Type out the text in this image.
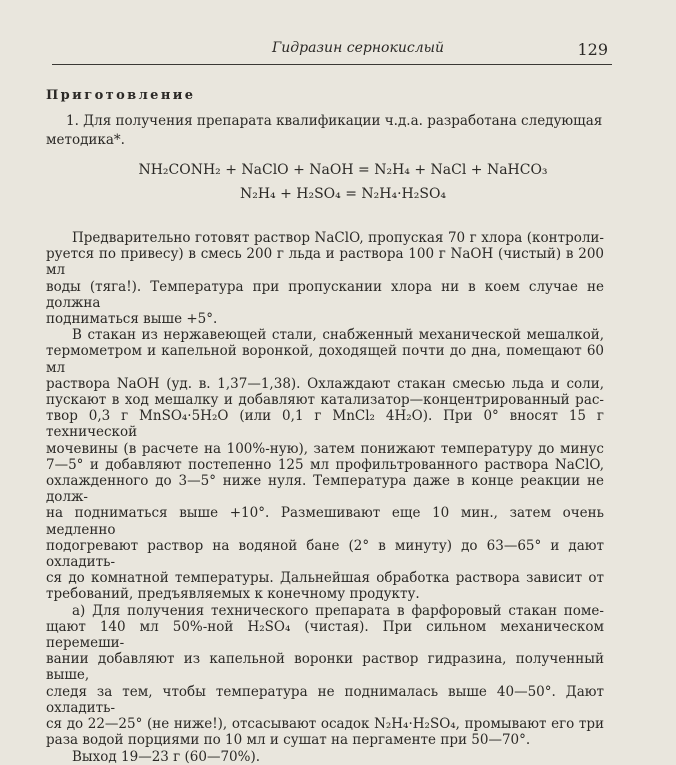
Гидразин сернокислый	129
Приготовление
1. Для получения препарата квалификации ч.д.а. разработана следующая
методика*.
NH₂CONH₂ + NaClO + NaOH = N₂H₄ + NaCl + NaHCO₃
N₂H₄ + H₂SO₄ = N₂H₄·H₂SO₄

Предварительно готовят раствор NaClO, пропуская 70 г хлора (контроли-

руется по привесу) в смесь 200 г льда и раствора 100 г NaOH (чистый) в 200 мл

воды (тяга!). Температура при пропускании хлора ни в коем случае не должна

подниматься выше +5°.

В стакан из нержавеющей стали, снабженный механической мешалкой,

термометром и капельной воронкой, доходящей почти до дна, помещают 60 мл

раствора NaOH (уд. в. 1,37—1,38). Охлаждают стакан смесью льда и соли,

пускают в ход мешалку и добавляют катализатор—концентрированный рас-

твор 0,3 г MnSO₄·5H₂O (или 0,1 г MnCl₂ 4H₂O). При 0° вносят 15 г технической

мочевины (в расчете на 100%-ную), затем понижают температуру до минус

7—5° и добавляют постепенно 125 мл профильтрованного раствора NaClO,

охлажденного до 3—5° ниже нуля. Температура даже в конце реакции не долж-

на подниматься выше +10°. Размешивают еще 10 мин., затем очень медленно

подогревают раствор на водяной бане (2° в минуту) до 63—65° и дают охладить-

ся до комнатной температуры. Дальнейшая обработка раствора зависит от

требований, предъявляемых к конечному продукту.

а) Для получения технического препарата в фарфоровый стакан поме-

щают 140 мл 50%-ной H₂SO₄ (чистая). При сильном механическом перемеши-

вании добавляют из капельной воронки раствор гидразина, полученный выше,

следя за тем, чтобы температура не поднималась выше 40—50°. Дают охладить-

ся до 22—25° (не ниже!), отсасывают осадок N₂H₄·H₂SO₄, промывают его три

раза водой порциями по 10 мл и сушат на пергаменте при 50—70°.

Выход 19—23 г (60—70%).
